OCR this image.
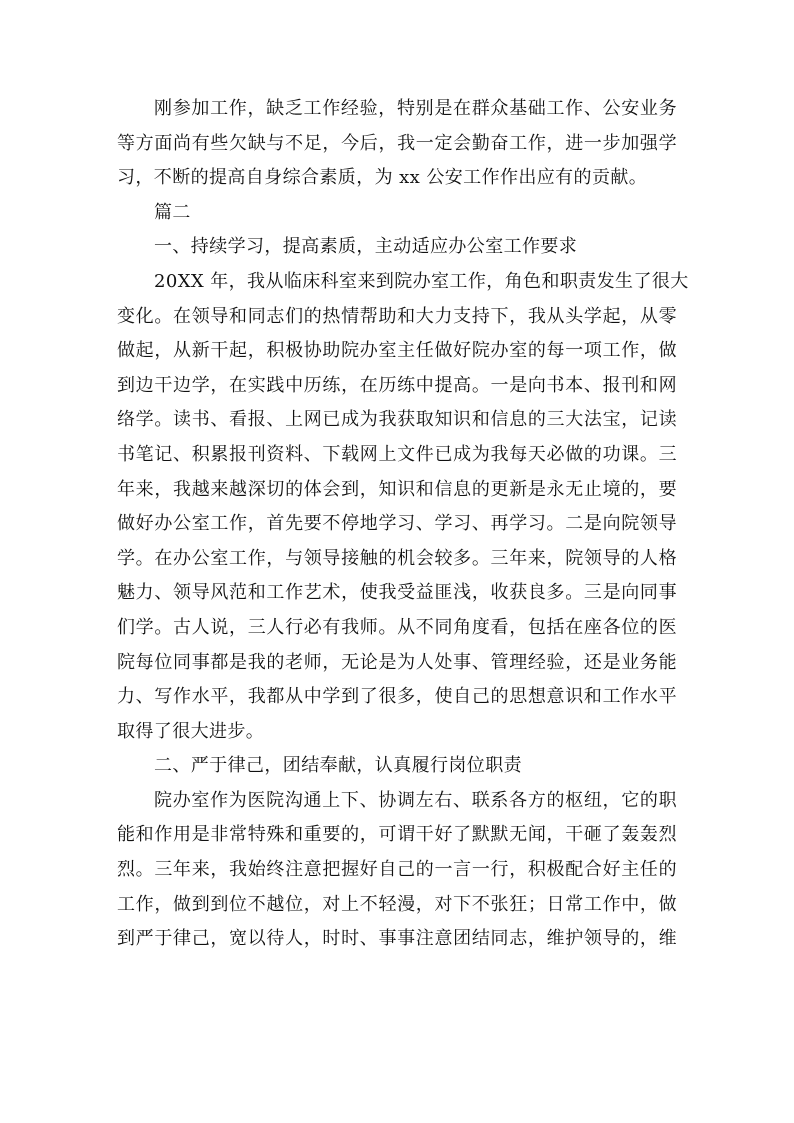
刚参加工作，缺乏工作经验，特别是在群众基础工作、公安业务
等方面尚有些欠缺与不足，今后，我一定会勤奋工作，进一步加强学
习，不断的提高自身综合素质，为 xx 公安工作作出应有的贡献。
篇二
一、持续学习，提高素质，主动适应办公室工作要求
20XX 年，我从临床科室来到院办室工作，角色和职责发生了很大
变化。在领导和同志们的热情帮助和大力支持下，我从头学起，从零
做起，从新干起，积极协助院办室主任做好院办室的每一项工作，做
到边干边学，在实践中历练，在历练中提高。一是向书本、报刊和网
络学。读书、看报、上网已成为我获取知识和信息的三大法宝，记读
书笔记、积累报刊资料、下载网上文件已成为我每天必做的功课。三
年来，我越来越深切的体会到，知识和信息的更新是永无止境的，要
做好办公室工作，首先要不停地学习、学习、再学习。二是向院领导
学。在办公室工作，与领导接触的机会较多。三年来，院领导的人格
魅力、领导风范和工作艺术，使我受益匪浅，收获良多。三是向同事
们学。古人说，三人行必有我师。从不同角度看，包括在座各位的医
院每位同事都是我的老师，无论是为人处事、管理经验，还是业务能
力、写作水平，我都从中学到了很多，使自己的思想意识和工作水平
取得了很大进步。
二、严于律己，团结奉献，认真履行岗位职责
院办室作为医院沟通上下、协调左右、联系各方的枢纽，它的职
能和作用是非常特殊和重要的，可谓干好了默默无闻，干砸了轰轰烈
烈。三年来，我始终注意把握好自己的一言一行，积极配合好主任的
工作，做到到位不越位，对上不轻漫，对下不张狂；日常工作中，做
到严于律己，宽以待人，时时、事事注意团结同志，维护领导的，维
